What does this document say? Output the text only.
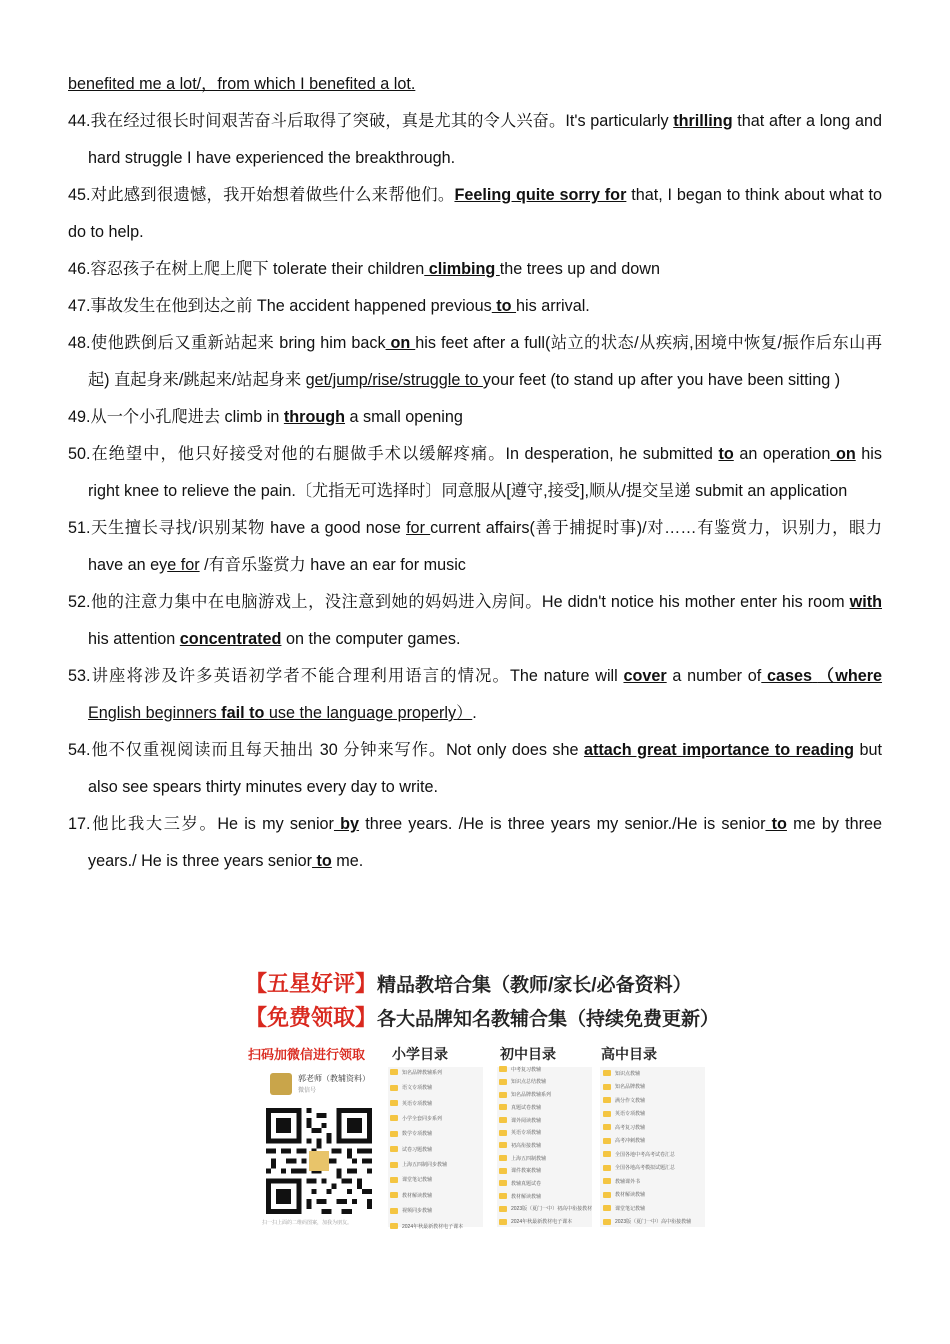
benefited me a lot/，from which I benefited a lot.
44.我在经过很长时间艰苦奋斗后取得了突破，真是尤其的令人兴奋。It's particularly thrilling that after a long and hard struggle I have experienced the breakthrough.
45.对此感到很遗憾，我开始想着做些什么来帮他们。Feeling quite sorry for that, I began to think about what to do to help.
46.容忍孩子在树上爬上爬下 tolerate their children climbing the trees up and down
47.事故发生在他到达之前 The accident happened previous to his arrival.
48.使他跌倒后又重新站起来 bring him back on his feet after a full(站立的状态/从疾病,困境中恢复/振作后东山再起) 直起身来/跳起来/站起身来 get/jump/rise/struggle to your feet (to stand up after you have been sitting )
49.从一个小孔爬进去 climb in through a small opening
50.在绝望中，他只好接受对他的右腿做手术以缓解疼痛。In desperation, he submitted to an operation on his right knee to relieve the pain.〔尤指无可选择时〕同意服从[遵守,接受],顺从/提交呈递 submit an application
51.天生擅长寻找/识别某物 have a good nose for current affairs(善于捕捉时事)/对……有鉴赏力，识别力，眼力 have an eye for /有音乐鉴赏力 have an ear for music
52.他的注意力集中在电脑游戏上，没注意到她的妈妈进入房间。He didn't notice his mother enter his room with his attention concentrated on the computer games.
53.讲座将涉及许多英语初学者不能合理利用语言的情况。The nature will cover a number of cases （where English beginners fail to use the language properly）.
54.他不仅重视阅读而且每天抽出 30 分钟来写作。Not only does she attach great importance to reading but also see spears thirty minutes every day to write.
17.他比我大三岁。He is my senior by three years. /He is three years my senior./He is senior to me by three years./ He is three years senior to me.
【五星好评】精品教培合集（教师/家长/必备资料）
【免费领取】各大品牌知名教辅合集（持续免费更新）
扫码加微信进行领取 小学目录	初中目录	高中目录
郭老师（教辅资料）
微信号
扫一扫上面的二维码图案，加我为朋友。
知名品牌教辅系列
语文专项教辅
英语专项教辅
小学全套同步系列
数学专项教辅
试卷习题教辅
上海五四制同步教辅
课堂笔记教辅
教材解读教辅
视频同步教辅
2024年秋最新教材电子课本
中考复习教辅
知识点总结教辅
知名品牌教辅系列
真题试卷教辅
课外阅读教辅
英语专项教辅
初高衔接教辅
上海五四制教辅
课件教案教辅
教辅真题试卷
教材解读教辅
2023版（夏门一中）初高中衔接教材
2024年秋最新教材电子课本
知识点教辅
知名品牌教辅
满分作文教辅
英语专项教辅
高考复习教辅
高考冲刺教辅
全国各地中考高考试卷汇总
全国各地高考模拟试题汇总
教辅课外书
教材解读教辅
课堂笔记教辅
2023版（夏门一中）高中衔接教辅
